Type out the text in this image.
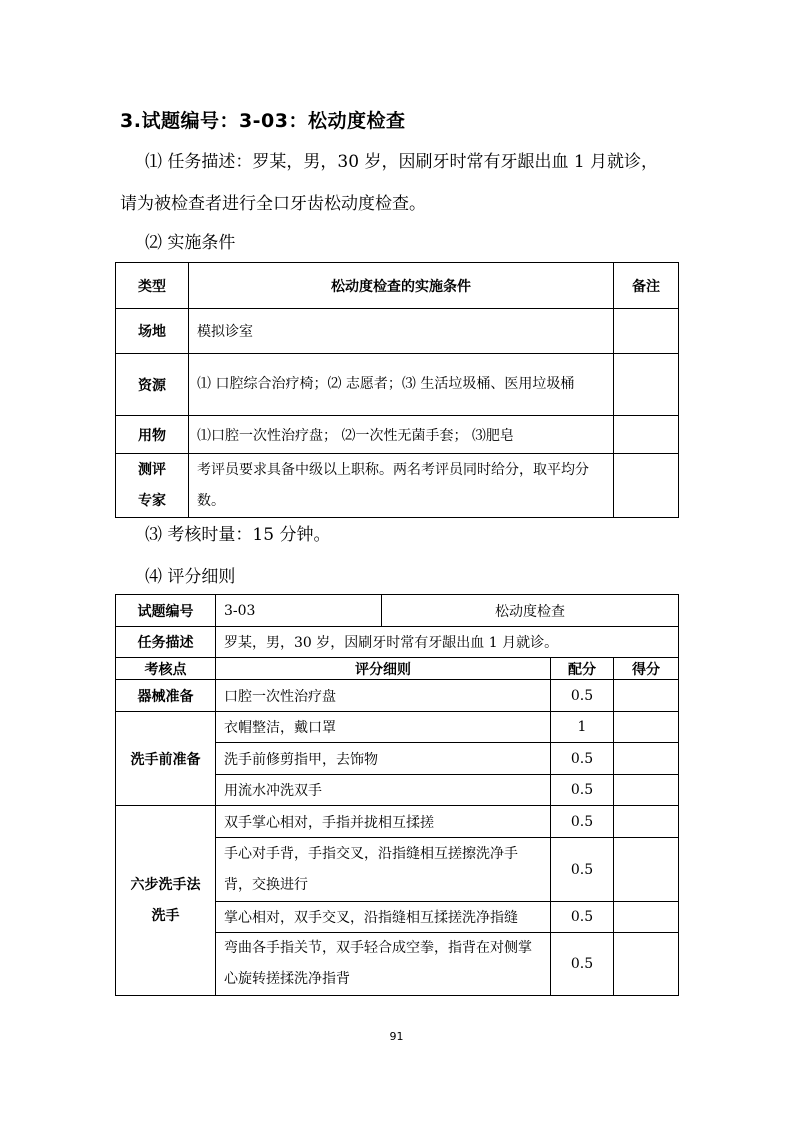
3.试题编号：3-03：松动度检查
⑴ 任务描述：罗某，男，30 岁，因刷牙时常有牙龈出血 1 月就诊，
请为被检查者进行全口牙齿松动度检查。
⑵ 实施条件
类型	松动度检查的实施条件	备注
场地	模拟诊室	
资源	⑴ 口腔综合治疗椅；⑵ 志愿者；⑶ 生活垃圾桶、医用垃圾桶	
用物	⑴口腔一次性治疗盘； ⑵一次性无菌手套； ⑶肥皂	

测评
专家	考评员要求具备中级以上职称。两名考评员同时给分，取平均分数。	
⑶ 考核时量：15 分钟。
⑷ 评分细则
试题编号	3-03	松动度检查		
任务描述	罗某，男，30 岁，因刷牙时常有牙龈出血 1 月就诊。			
考核点	评分细则		配分	得分
器械准备	口腔一次性治疗盘		0.5	
洗手前准备	衣帽整洁，戴口罩		1	
	洗手前修剪指甲，去饰物		0.5	
	用流水冲洗双手		0.5	

六步洗手法
洗手	双手掌心相对，手指并拢相互揉搓		0.5	
	手心对手背，手指交叉，沿指缝相互搓擦洗净手背，交换进行		0.5	
	掌心相对，双手交叉，沿指缝相互揉搓洗净指缝		0.5	
	弯曲各手指关节，双手轻合成空拳，指背在对侧掌心旋转搓揉洗净指背		0.5	
91
